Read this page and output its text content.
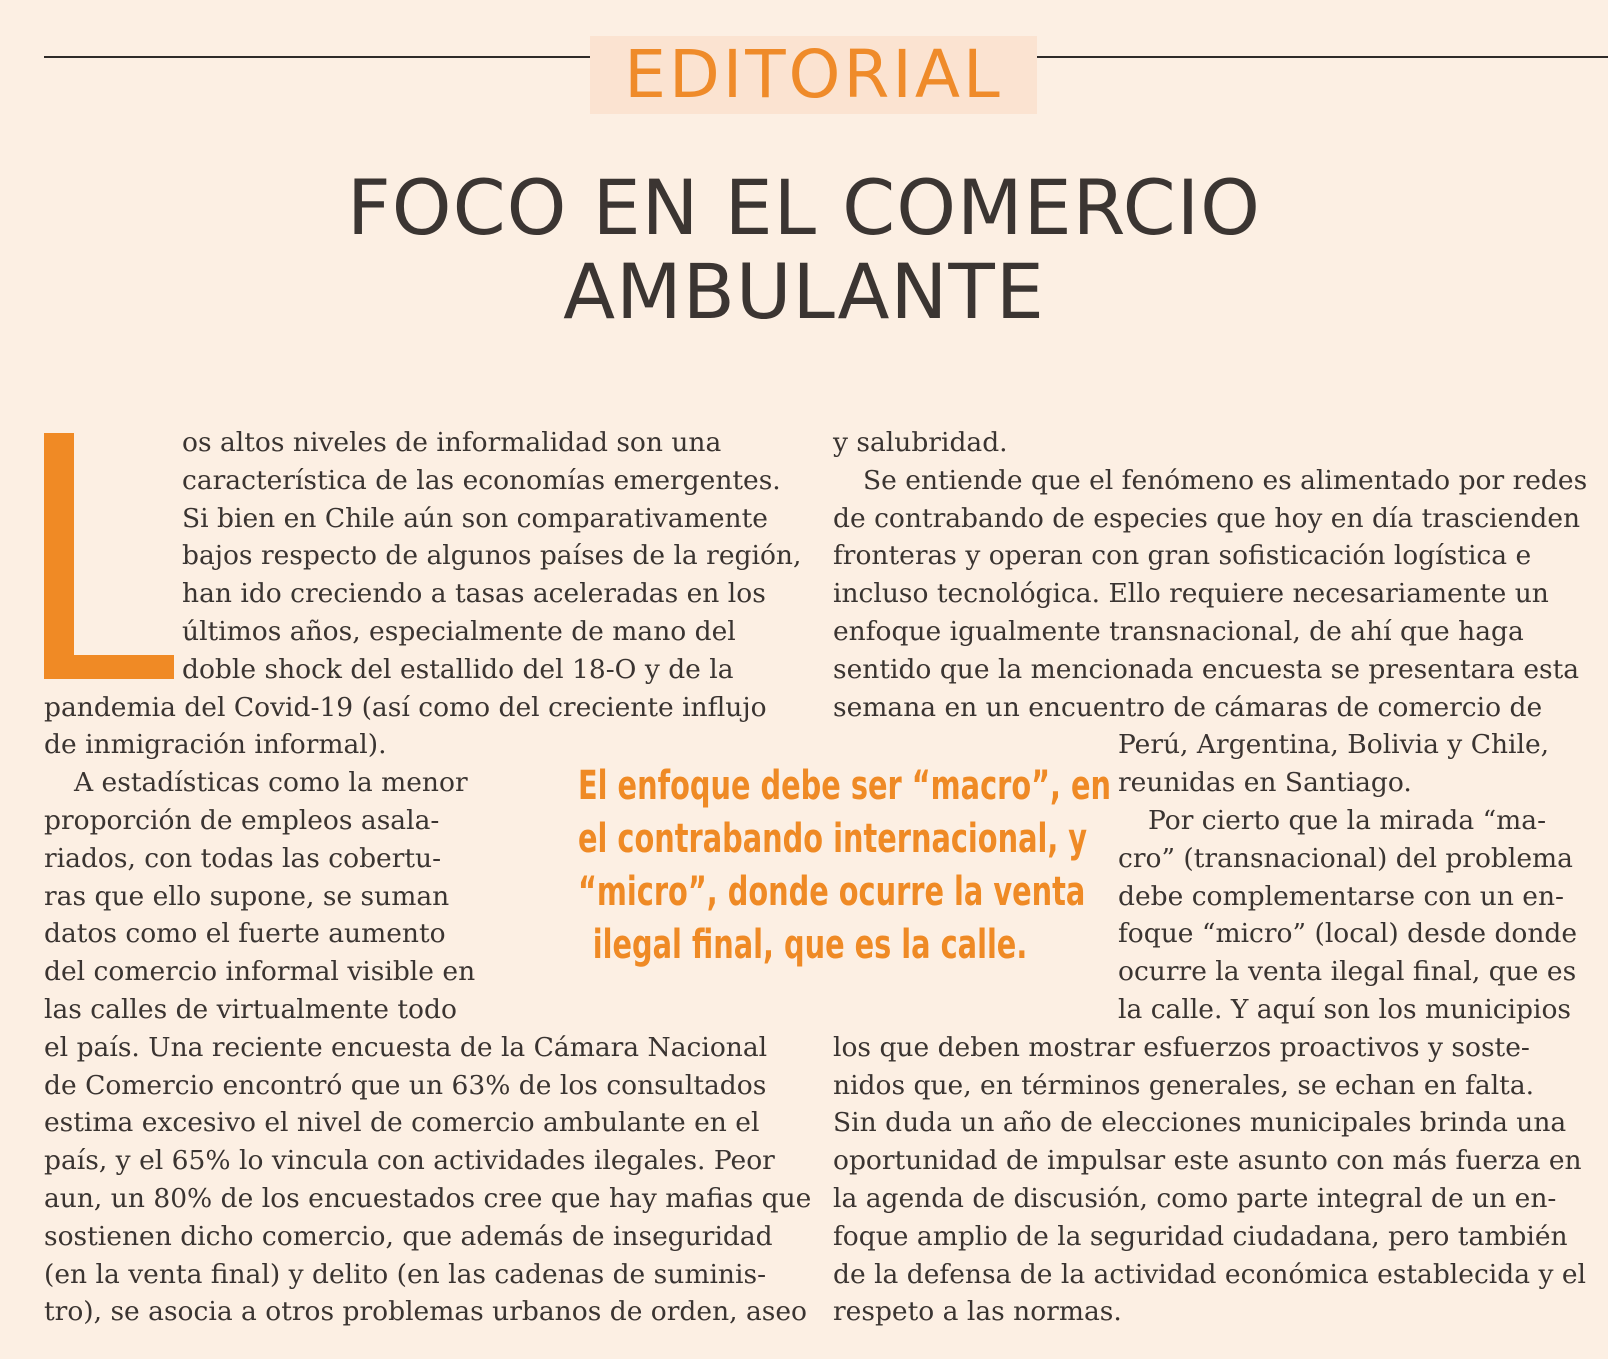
EDITORIAL
FOCO EN EL COMERCIO
AMBULANTE
os altos niveles de informalidad son una
característica de las economías emergentes.
Si bien en Chile aún son comparativamente
bajos respecto de algunos países de la región,
han ido creciendo a tasas aceleradas en los
últimos años, especialmente de mano del
doble shock del estallido del 18-O y de la
pandemia del Covid-19 (así como del creciente influjo
de inmigración informal).
A estadísticas como la menor
proporción de empleos asala-
riados, con todas las cobertu-
ras que ello supone, se suman
datos como el fuerte aumento
del comercio informal visible en
las calles de virtualmente todo
el país. Una reciente encuesta de la Cámara Nacional
de Comercio encontró que un 63% de los consultados
estima excesivo el nivel de comercio ambulante en el
país, y el 65% lo vincula con actividades ilegales. Peor
aun, un 80% de los encuestados cree que hay mafias que
sostienen dicho comercio, que además de inseguridad
(en la venta final) y delito (en las cadenas de suminis-
tro), se asocia a otros problemas urbanos de orden, aseo
y salubridad.
Se entiende que el fenómeno es alimentado por redes
de contrabando de especies que hoy en día trascienden
fronteras y operan con gran sofisticación logística e
incluso tecnológica. Ello requiere necesariamente un
enfoque igualmente transnacional, de ahí que haga
sentido que la mencionada encuesta se presentara esta
semana en un encuentro de cámaras de comercio de
Perú, Argentina, Bolivia y Chile,
reunidas en Santiago.
Por cierto que la mirada “ma-
cro” (transnacional) del problema
debe complementarse con un en-
foque “micro” (local) desde donde
ocurre la venta ilegal final, que es
la calle. Y aquí son los municipios
los que deben mostrar esfuerzos proactivos y soste-
nidos que, en términos generales, se echan en falta.
Sin duda un año de elecciones municipales brinda una
oportunidad de impulsar este asunto con más fuerza en
la agenda de discusión, como parte integral de un en-
foque amplio de la seguridad ciudadana, pero también
de la defensa de la actividad económica establecida y el
respeto a las normas.
El enfoque debe ser “macro”, en
el contrabando internacional, y
“micro”, donde ocurre la venta
ilegal final, que es la calle.
